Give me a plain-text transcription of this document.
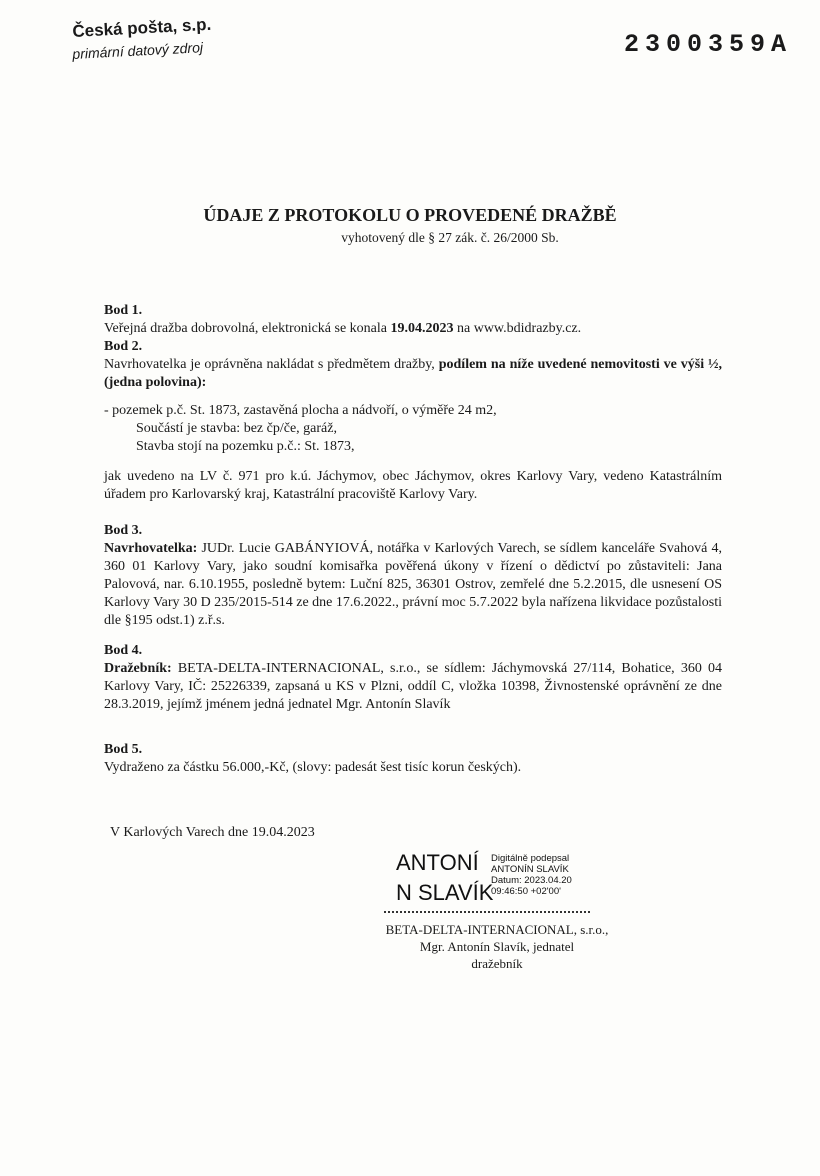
Česká pošta, s.p.
primární datový zdroj	2300359A
ÚDAJE Z PROTOKOLU O PROVEDENÉ DRAŽBĚ
vyhotovený dle § 27 zák. č. 26/2000 Sb.

Bod 1.

Veřejná dražba dobrovolná, elektronická se konala 19.04.2023 na www.bdidrazby.cz.

Bod 2.

Navrhovatelka je oprávněna nakládat s předmětem dražby, podílem na níže uvedené nemovitosti ve výši ½, (jedna polovina):

- pozemek p.č. St. 1873, zastavěná plocha a nádvoří, o výměře 24 m2,

Součástí je stavba: bez čp/če, garáž,

Stavba stojí na pozemku p.č.: St. 1873,

jak uvedeno na LV č. 971 pro k.ú. Jáchymov, obec Jáchymov, okres Karlovy Vary, vedeno Katastrálním úřadem pro Karlovarský kraj, Katastrální pracoviště Karlovy Vary.

Bod 3.

Navrhovatelka: JUDr. Lucie GABÁNYIOVÁ, notářka v Karlových Varech, se sídlem kanceláře Svahová 4, 360 01 Karlovy Vary, jako soudní komisařka pověřená úkony v řízení o dědictví po zůstaviteli: Jana Palovová, nar. 6.10.1955, posledně bytem: Luční 825, 36301 Ostrov, zemřelé dne 5.2.2015, dle usnesení OS Karlovy Vary 30 D 235/2015-514 ze dne 17.6.2022., právní moc 5.7.2022 byla nařízena likvidace pozůstalosti dle §195 odst.1) z.ř.s.

Bod 4.

Dražebník: BETA-DELTA-INTERNACIONAL, s.r.o., se sídlem: Jáchymovská 27/114, Bohatice, 360 04 Karlovy Vary, IČ: 25226339, zapsaná u KS v Plzni, oddíl C, vložka 10398, Živnostenské oprávnění ze dne 28.3.2019, jejímž jménem jedná jednatel Mgr. Antonín Slavík

Bod 5.

Vydraženo za částku 56.000,-Kč, (slovy: padesát šest tisíc korun českých).

V Karlových Varech dne 19.04.2023
ANTONÍ
N SLAVÍK
Digitálně podepsal
ANTONÍN SLAVÍK
Datum: 2023.04.20
09:46:50 +02'00'
BETA-DELTA-INTERNACIONAL, s.r.o.,
Mgr. Antonín Slavík, jednatel
dražebník
